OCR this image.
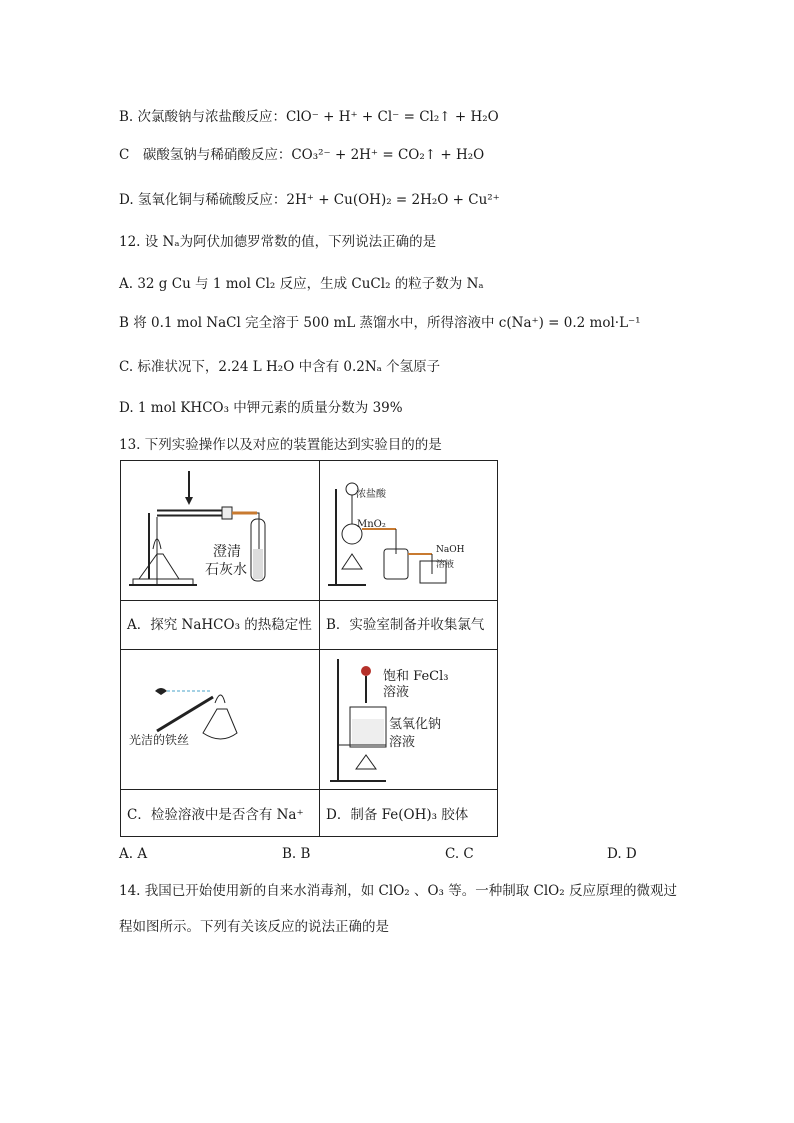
B. 次氯酸钠与浓盐酸反应：ClO⁻ + H⁺ + Cl⁻ = Cl₂↑ + H₂O
C　碳酸氢钠与稀硝酸反应：CO₃²⁻ + 2H⁺ = CO₂↑ + H₂O
D. 氢氧化铜与稀硫酸反应：2H⁺ + Cu(OH)₂ = 2H₂O + Cu²⁺
12. 设 Nₐ为阿伏加德罗常数的值，下列说法正确的是
A. 32 g Cu 与 1 mol Cl₂ 反应，生成 CuCl₂ 的粒子数为 Nₐ
B 将 0.1 mol NaCl 完全溶于 500 mL 蒸馏水中，所得溶液中 c(Na⁺) = 0.2 mol·L⁻¹
C. 标准状况下，2.24 L H₂O 中含有 0.2Nₐ 个氢原子
D. 1 mol KHCO₃ 中钾元素的质量分数为 39%
13. 下列实验操作以及对应的装置能达到实验目的的是
澄清
石灰水
浓盐酸
MnO₂
NaOH
溶液
A．探究 NaHCO₃ 的热稳定性 B．实验室制备并收集氯气
光洁的铁丝
饱和 FeCl₃
溶液
氢氧化钠
溶液
C．检验溶液中是否含有 Na⁺ D．制备 Fe(OH)₃ 胶体
A. A	B. B	C. C	D. D
14. 我国已开始使用新的自来水消毒剂，如 ClO₂ 、O₃ 等。一种制取 ClO₂ 反应原理的微观过
程如图所示。下列有关该反应的说法正确的是
